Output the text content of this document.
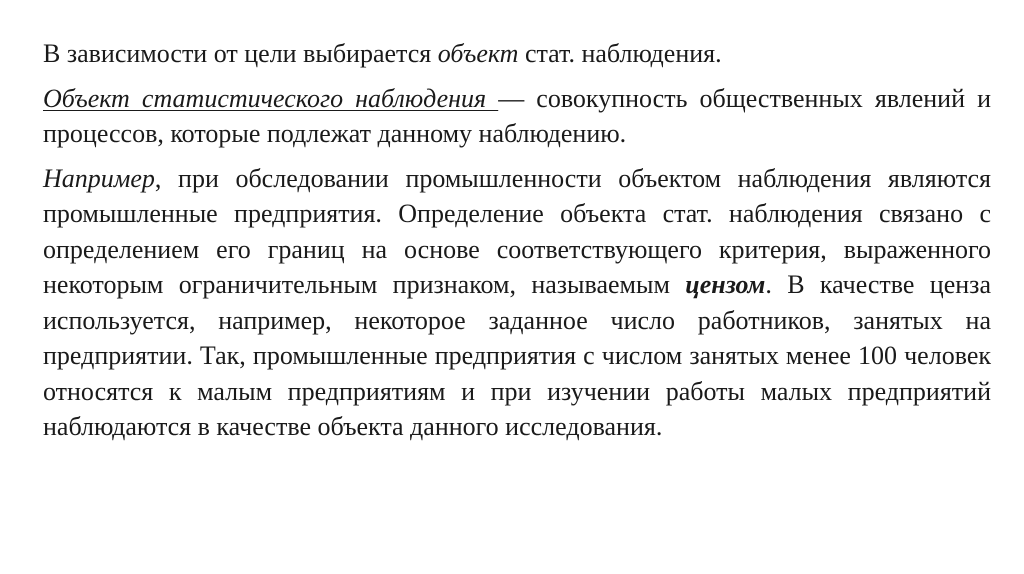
В зависимости от цели выбирается объект стат. наблюдения.

Объект статистического наблюдения — совокупность общественных явлений и процессов, которые подлежат данному наблюдению.

Например, при обследовании промышленности объектом наблюдения являются промышленные предприятия. Определение объекта стат. наблюдения связано с определением его границ на основе соответствующего критерия, выраженного некоторым ограничительным признаком, называемым цензом. В качестве ценза используется, например, некоторое заданное число работников, занятых на предприятии. Так, промышленные предприятия с числом занятых менее 100 человек относятся к малым предприятиям и при изучении работы малых предприятий наблюдаются в качестве объекта данного исследования.
